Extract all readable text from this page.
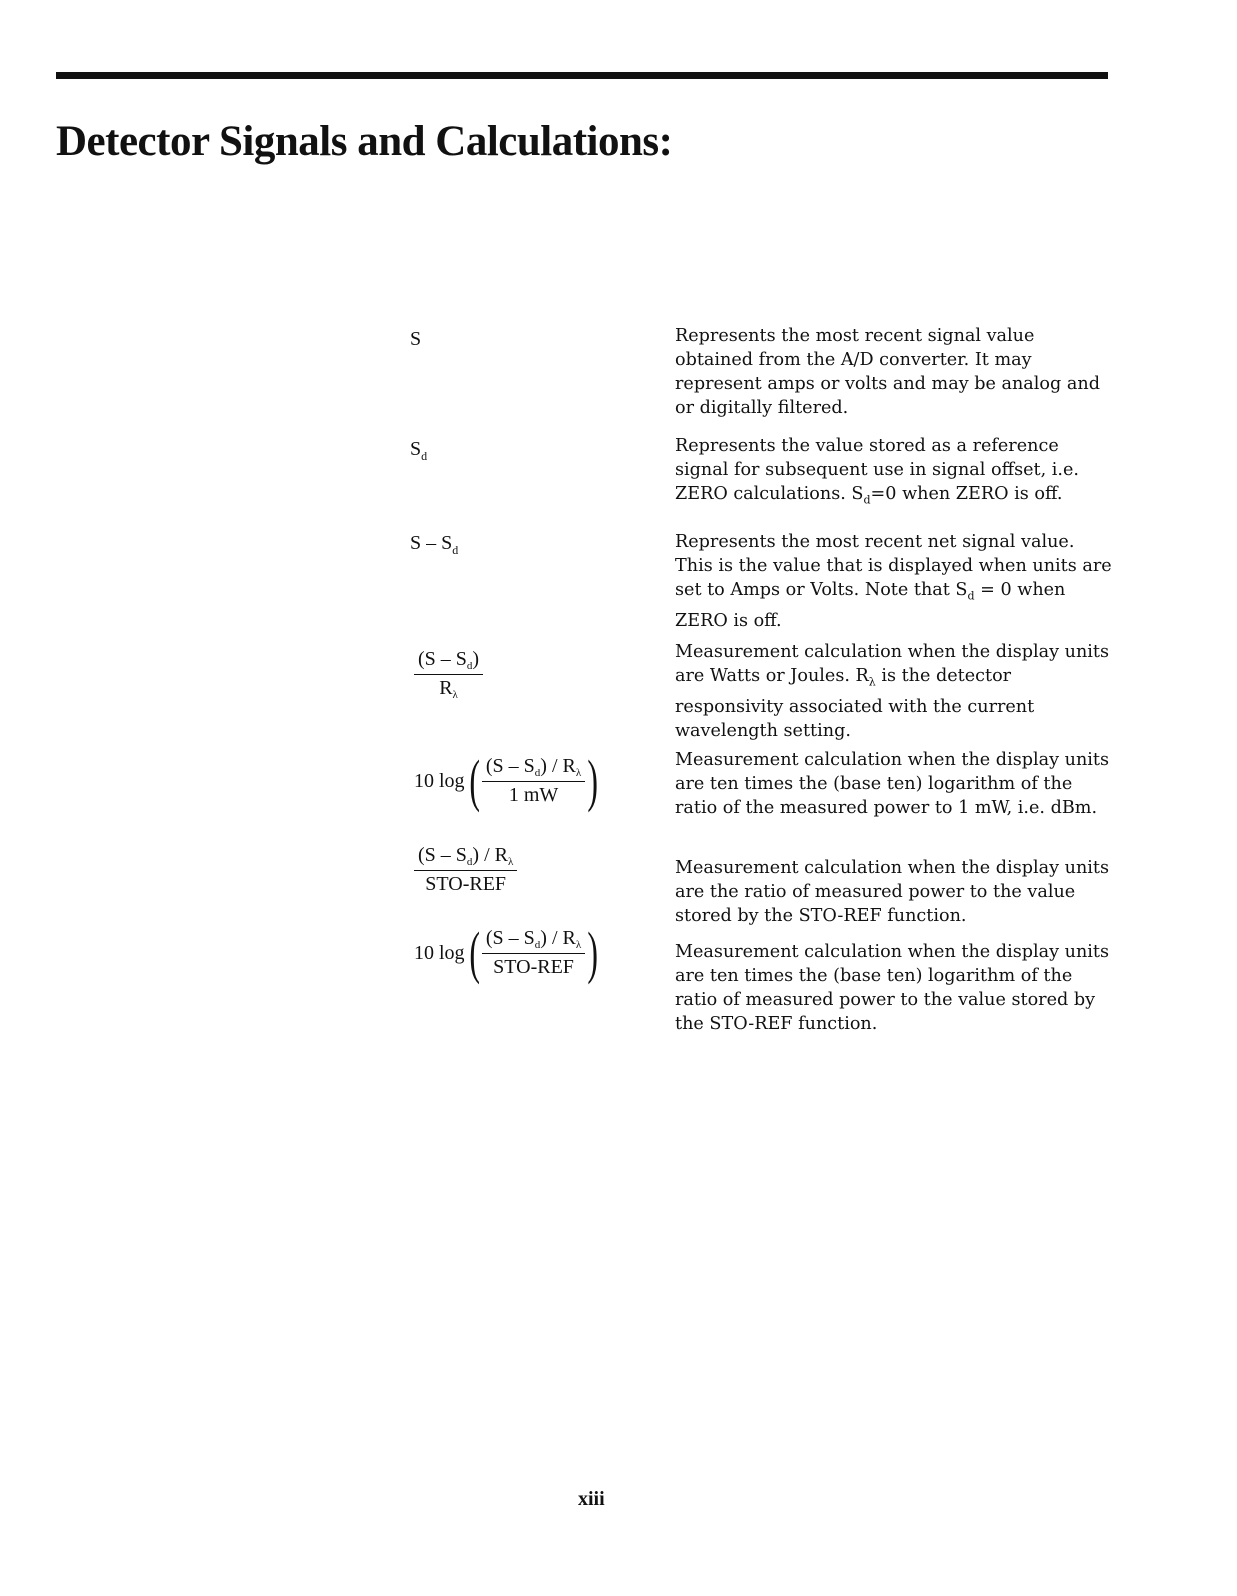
Detector Signals and Calculations:
S	Represents the most recent signal value obtained from the A/D converter. It may represent amps or volts and may be analog and or digitally filtered.

$S_d$	Represents the value stored as a reference signal for subsequent use in signal offset, i.e. ZERO calculations. $S_d=0$ when ZERO is off.

S – $S_d$	Represents the most recent net signal value. This is the value that is displayed when units are set to Amps or Volts. Note that $S_d = 0$ when ZERO is off.

$\frac{(S - S_d)}{R_\lambda}$	Measurement calculation when the display units are Watts or Joules. $R_\lambda$ is the detector responsivity associated with the current wavelength setting.

10 log ( $\frac{(S - S_d) / R_\lambda}{1 mW}$ )	Measurement calculation when the display units are ten times the (base ten) logarithm of the ratio of the measured power to 1 mW, i.e. dBm.

$\frac{(S - S_d) / R_\lambda}{\text{STO-REF}}$	Measurement calculation when the display units are the ratio of measured power to the value stored by the STO-REF function.

10 log ( $\frac{(S - S_d) / R_\lambda}{\text{STO-REF}}$ )	Measurement calculation when the display units are ten times the (base ten) logarithm of the ratio of measured power to the value stored by the STO-REF function.

xiii
